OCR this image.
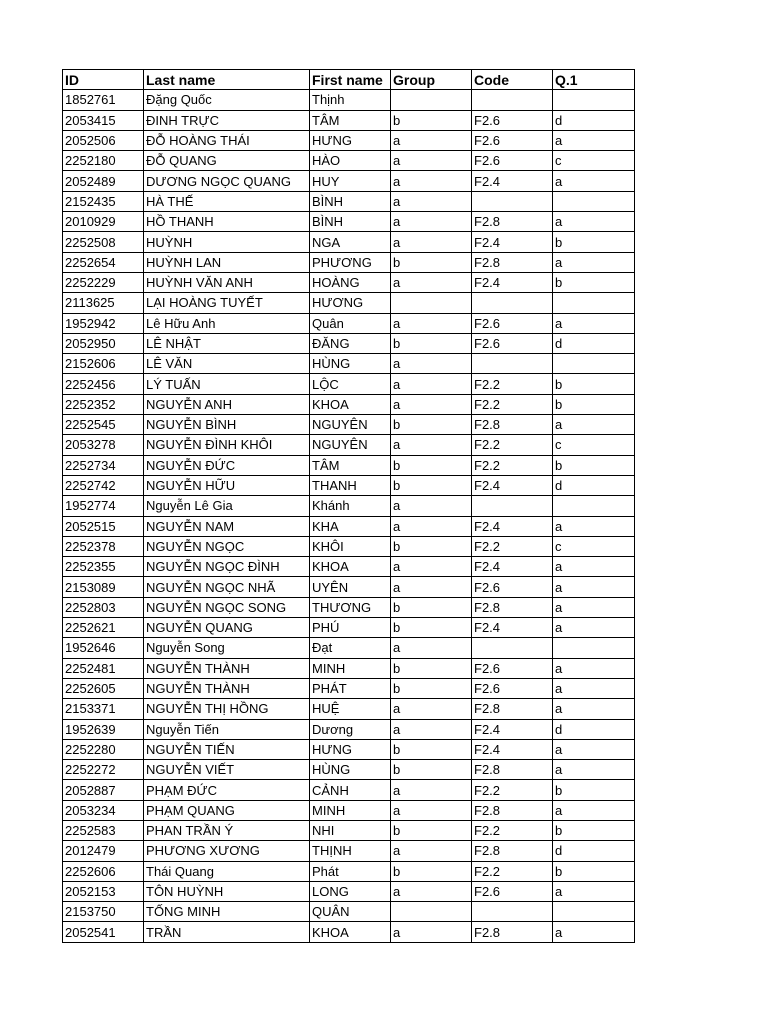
ID	Last name	First name	Group	Code	Q.1
1852761	Đặng Quốc	Thịnh			
2053415	ĐINH TRỰC	TÂM	b	F2.6	d
2052506	ĐỖ HOÀNG THÁI	HƯNG	a	F2.6	a
2252180	ĐỖ QUANG	HÀO	a	F2.6	c
2052489	DƯƠNG NGỌC QUANG	HUY	a	F2.4	a
2152435	HÀ THẾ	BÌNH	a		
2010929	HỒ THANH	BÌNH	a	F2.8	a
2252508	HUỲNH	NGA	a	F2.4	b
2252654	HUỲNH LAN	PHƯƠNG	b	F2.8	a
2252229	HUỲNH VĂN ANH	HOÀNG	a	F2.4	b
2113625	LẠI HOÀNG TUYẾT	HƯƠNG			
1952942	Lê Hữu Anh	Quân	a	F2.6	a
2052950	LÊ NHẬT	ĐĂNG	b	F2.6	d
2152606	LÊ VĂN	HÙNG	a		
2252456	LÝ TUẤN	LỘC	a	F2.2	b
2252352	NGUYỄN ANH	KHOA	a	F2.2	b
2252545	NGUYỄN BÌNH	NGUYÊN	b	F2.8	a
2053278	NGUYỄN ĐÌNH KHÔI	NGUYÊN	a	F2.2	c
2252734	NGUYỄN ĐỨC	TÂM	b	F2.2	b
2252742	NGUYỄN HỮU	THANH	b	F2.4	d
1952774	Nguyễn Lê Gia	Khánh	a		
2052515	NGUYỄN NAM	KHA	a	F2.4	a
2252378	NGUYỄN NGỌC	KHÔI	b	F2.2	c
2252355	NGUYỄN NGỌC ĐÌNH	KHOA	a	F2.4	a
2153089	NGUYỄN NGỌC NHÃ	UYÊN	a	F2.6	a
2252803	NGUYỄN NGỌC SONG	THƯƠNG	b	F2.8	a
2252621	NGUYỄN QUANG	PHÚ	b	F2.4	a
1952646	Nguyễn Song	Đạt	a		
2252481	NGUYỄN THÀNH	MINH	b	F2.6	a
2252605	NGUYỄN THÀNH	PHÁT	b	F2.6	a
2153371	NGUYỄN THỊ HỒNG	HUỆ	a	F2.8	a
1952639	Nguyễn Tiến	Dương	a	F2.4	d
2252280	NGUYỄN TIẾN	HƯNG	b	F2.4	a
2252272	NGUYỄN VIẾT	HÙNG	b	F2.8	a
2052887	PHẠM ĐỨC	CẢNH	a	F2.2	b
2053234	PHẠM QUANG	MINH	a	F2.8	a
2252583	PHAN TRẦN Ý	NHI	b	F2.2	b
2012479	PHƯƠNG XƯƠNG	THỊNH	a	F2.8	d
2252606	Thái Quang	Phát	b	F2.2	b
2052153	TÔN HUỲNH	LONG	a	F2.6	a
2153750	TỐNG MINH	QUÂN			
2052541	TRẦN	KHOA	a	F2.8	a
